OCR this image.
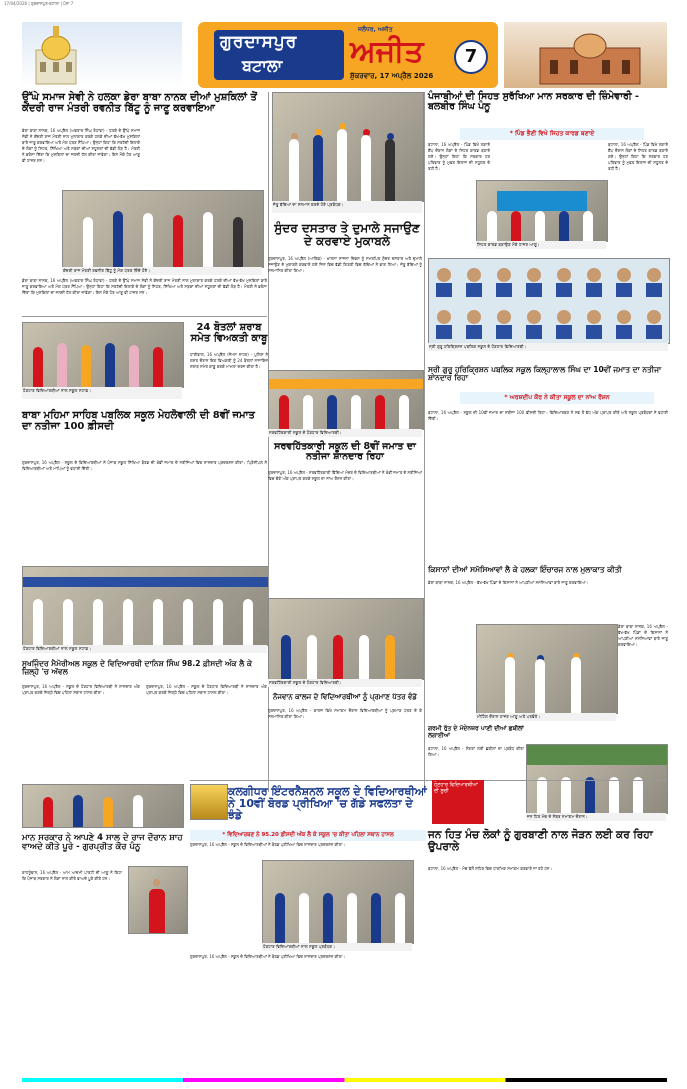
17/04/2026 | ਗੁਰਦਾਸਪੁਰ-ਬਟਾਲਾ | ਪੰਨਾ 7
ਗੁਰਦਾਸਪੁਰ
ਬਟਾਲਾ
ਜਲੰਧਰ, ਅਜੀਤ
ਅਜੀਤ
ਸ਼ੁੱਕਰਵਾਰ, 17 ਅਪ੍ਰੈਲ 2026
7
ਉੱਘੇ ਸਮਾਜ ਸੇਵੀ ਨੇ ਹਲਕਾ ਡੇਰਾ ਬਾਬਾ ਨਾਨਕ ਦੀਆਂ ਮੁਸ਼ਕਿਲਾਂ ਤੋਂ ਕੇਂਦਰੀ ਰਾਜ ਮੰਤਰੀ ਰਵਨੀਤ ਬਿੱਟੂ ਨੂੰ ਜਾਣੂ ਕਰਵਾਇਆ
ਡੇਰਾ ਬਾਬਾ ਨਾਨਕ, 16 ਅਪ੍ਰੈਲ (ਅਵਤਾਰ ਸਿੰਘ ਰੰਧਾਵਾ) - ਹਲਕੇ ਦੇ ਉੱਘੇ ਸਮਾਜ ਸੇਵੀ ਨੇ ਕੇਂਦਰੀ ਰਾਜ ਮੰਤਰੀ ਨਾਲ ਮੁਲਾਕਾਤ ਕਰਕੇ ਹਲਕੇ ਦੀਆਂ ਵੱਖ-ਵੱਖ ਮੁਸ਼ਕਿਲਾਂ ਬਾਰੇ ਜਾਣੂ ਕਰਵਾਇਆ ਅਤੇ ਮੰਗ ਪੱਤਰ ਸੌਂਪਿਆ। ਉਨ੍ਹਾਂ ਕਿਹਾ ਕਿ ਸਰਹੱਦੀ ਇਲਾਕੇ ਦੇ ਲੋਕਾਂ ਨੂੰ ਸਿਹਤ, ਸਿੱਖਿਆ ਅਤੇ ਸੜਕਾਂ ਦੀਆਂ ਸਹੂਲਤਾਂ ਦੀ ਵੱਡੀ ਲੋੜ ਹੈ। ਮੰਤਰੀ ਨੇ ਭਰੋਸਾ ਦਿੱਤਾ ਕਿ ਮੁਸ਼ਕਿਲਾਂ ਦਾ ਜਲਦੀ ਹੱਲ ਕੀਤਾ ਜਾਵੇਗਾ। ਇਸ ਮੌਕੇ ਹੋਰ ਆਗੂ ਵੀ ਹਾਜ਼ਰ ਸਨ।
ਕੇਂਦਰੀ ਰਾਜ ਮੰਤਰੀ ਰਵਨੀਤ ਬਿੱਟੂ ਨੂੰ ਮੰਗ ਪੱਤਰ ਦਿੰਦੇ ਹੋਏ।
ਡੇਰਾ ਬਾਬਾ ਨਾਨਕ, 16 ਅਪ੍ਰੈਲ (ਅਵਤਾਰ ਸਿੰਘ ਰੰਧਾਵਾ) - ਹਲਕੇ ਦੇ ਉੱਘੇ ਸਮਾਜ ਸੇਵੀ ਨੇ ਕੇਂਦਰੀ ਰਾਜ ਮੰਤਰੀ ਨਾਲ ਮੁਲਾਕਾਤ ਕਰਕੇ ਹਲਕੇ ਦੀਆਂ ਵੱਖ-ਵੱਖ ਮੁਸ਼ਕਿਲਾਂ ਬਾਰੇ ਜਾਣੂ ਕਰਵਾਇਆ ਅਤੇ ਮੰਗ ਪੱਤਰ ਸੌਂਪਿਆ। ਉਨ੍ਹਾਂ ਕਿਹਾ ਕਿ ਸਰਹੱਦੀ ਇਲਾਕੇ ਦੇ ਲੋਕਾਂ ਨੂੰ ਸਿਹਤ, ਸਿੱਖਿਆ ਅਤੇ ਸੜਕਾਂ ਦੀਆਂ ਸਹੂਲਤਾਂ ਦੀ ਵੱਡੀ ਲੋੜ ਹੈ। ਮੰਤਰੀ ਨੇ ਭਰੋਸਾ ਦਿੱਤਾ ਕਿ ਮੁਸ਼ਕਿਲਾਂ ਦਾ ਜਲਦੀ ਹੱਲ ਕੀਤਾ ਜਾਵੇਗਾ। ਇਸ ਮੌਕੇ ਹੋਰ ਆਗੂ ਵੀ ਹਾਜ਼ਰ ਸਨ।
ਹੋਣਹਾਰ ਵਿਦਿਆਰਥੀਆਂ ਨਾਲ ਸਕੂਲ ਸਟਾਫ਼।
24 ਬੋਤਲਾਂ ਸ਼ਰਾਬ ਸਮੇਤ ਵਿਅਕਤੀ ਕਾਬੂ
ਧਾਰੀਵਾਲ, 16 ਅਪ੍ਰੈਲ (ਜੇਮਸ ਨਾਹਰ) - ਪੁਲਿਸ ਨੇ ਗਸ਼ਤ ਦੌਰਾਨ ਇਕ ਵਿਅਕਤੀ ਨੂੰ 24 ਬੋਤਲਾਂ ਨਾਜਾਇਜ਼ ਸ਼ਰਾਬ ਸਮੇਤ ਕਾਬੂ ਕਰਕੇ ਮਾਮਲਾ ਦਰਜ ਕੀਤਾ ਹੈ।
ਬਾਬਾ ਮਹਿਮਾ ਸਾਹਿਬ ਪਬਲਿਕ ਸਕੂਲ ਮੇਹਲੋਵਾਲੀ ਦੀ 8ਵੀਂ ਜਮਾਤ ਦਾ ਨਤੀਜਾ 100 ਫ਼ੀਸਦੀ
ਗੁਰਦਾਸਪੁਰ, 16 ਅਪ੍ਰੈਲ - ਸਕੂਲ ਦੇ ਵਿਦਿਆਰਥੀਆਂ ਨੇ ਪੰਜਾਬ ਸਕੂਲ ਸਿੱਖਿਆ ਬੋਰਡ ਦੀ 8ਵੀਂ ਜਮਾਤ ਦੇ ਨਤੀਜਿਆਂ ਵਿਚ ਸ਼ਾਨਦਾਰ ਪ੍ਰਦਰਸ਼ਨ ਕੀਤਾ। ਪ੍ਰਿੰਸੀਪਲ ਨੇ ਵਿਦਿਆਰਥੀਆਂ ਅਤੇ ਮਾਪਿਆਂ ਨੂੰ ਵਧਾਈ ਦਿੱਤੀ।
ਹੋਣਹਾਰ ਵਿਦਿਆਰਥੀਆਂ ਨਾਲ ਸਕੂਲ ਸਟਾਫ਼।
ਸੁਖਜਿੰਦਰ ਮੈਮੋਰੀਅਲ ਸਕੂਲ ਦੇ ਵਿਦਿਆਰਥੀ ਦਾਨਿਸ਼ ਸਿੰਘ 98.2 ਫ਼ੀਸਦੀ ਅੰਕ ਲੈ ਕੇ ਜ਼ਿਲ੍ਹੇ 'ਚ ਅੱਵਲ
ਗੁਰਦਾਸਪੁਰ, 16 ਅਪ੍ਰੈਲ - ਸਕੂਲ ਦੇ ਹੋਣਹਾਰ ਵਿਦਿਆਰਥੀ ਨੇ ਸ਼ਾਨਦਾਰ ਅੰਕ ਪ੍ਰਾਪਤ ਕਰਕੇ ਜ਼ਿਲ੍ਹੇ ਵਿਚ ਪਹਿਲਾ ਸਥਾਨ ਹਾਸਲ ਕੀਤਾ।
ਗੁਰਦਾਸਪੁਰ, 16 ਅਪ੍ਰੈਲ - ਸਕੂਲ ਦੇ ਹੋਣਹਾਰ ਵਿਦਿਆਰਥੀ ਨੇ ਸ਼ਾਨਦਾਰ ਅੰਕ ਪ੍ਰਾਪਤ ਕਰਕੇ ਜ਼ਿਲ੍ਹੇ ਵਿਚ ਪਹਿਲਾ ਸਥਾਨ ਹਾਸਲ ਕੀਤਾ।
ਮਾਨ ਸਰਕਾਰ ਨੇ ਆਪਣੇ 4 ਸਾਲ ਦੇ ਰਾਜ ਦੌਰਾਨ ਸ਼ਾਹ ਵਾਅਦੇ ਕੀਤੇ ਪੂਰੇ - ਗੁਰਪ੍ਰੀਤ ਕੌਰ ਪੰਨੂ
ਕਾਹਨੂੰਵਾਨ, 16 ਅਪ੍ਰੈਲ - ਆਮ ਆਦਮੀ ਪਾਰਟੀ ਦੀ ਆਗੂ ਨੇ ਕਿਹਾ ਕਿ ਪੰਜਾਬ ਸਰਕਾਰ ਨੇ ਲੋਕਾਂ ਨਾਲ ਕੀਤੇ ਵਾਅਦੇ ਪੂਰੇ ਕੀਤੇ ਹਨ।
ਜੇਤੂ ਬੱਚਿਆਂ ਦਾ ਸਨਮਾਨ ਕਰਦੇ ਹੋਏ ਪ੍ਰਬੰਧਕ।
ਸੁੰਦਰ ਦਸਤਾਰ ਤੇ ਦੁਮਾਲੇ ਸਜਾਉਣ ਦੇ ਕਰਵਾਏ ਮੁਕਾਬਲੇ
ਗੁਰਦਾਸਪੁਰ, 16 ਅਪ੍ਰੈਲ (ਆਰਿਫ਼) - ਖ਼ਾਲਸਾ ਸਾਜਨਾ ਦਿਵਸ ਨੂੰ ਸਮਰਪਿਤ ਸੁੰਦਰ ਦਸਤਾਰ ਅਤੇ ਦੁਮਾਲੇ ਸਜਾਉਣ ਦੇ ਮੁਕਾਬਲੇ ਕਰਵਾਏ ਗਏ ਜਿਸ ਵਿਚ ਵੱਡੀ ਗਿਣਤੀ ਵਿਚ ਬੱਚਿਆਂ ਨੇ ਭਾਗ ਲਿਆ। ਜੇਤੂ ਬੱਚਿਆਂ ਨੂੰ ਸਨਮਾਨਿਤ ਕੀਤਾ ਗਿਆ।
ਸਰਵਹਿੱਤਕਾਰੀ ਸਕੂਲ ਦੇ ਹੋਣਹਾਰ ਵਿਦਿਆਰਥੀ।
ਸਰਵਹਿੱਤਕਾਰੀ ਸਕੂਲ ਦੀ 8ਵੀਂ ਜਮਾਤ ਦਾ ਨਤੀਜਾ ਸ਼ਾਨਦਾਰ ਰਿਹਾ
ਗੁਰਦਾਸਪੁਰ, 16 ਅਪ੍ਰੈਲ - ਸਰਵਹਿੱਤਕਾਰੀ ਵਿੱਦਿਆ ਮੰਦਰ ਦੇ ਵਿਦਿਆਰਥੀਆਂ ਨੇ 8ਵੀਂ ਜਮਾਤ ਦੇ ਨਤੀਜਿਆਂ ਵਿਚ ਚੰਗੇ ਅੰਕ ਪ੍ਰਾਪਤ ਕਰਕੇ ਸਕੂਲ ਦਾ ਨਾਂਅ ਰੌਸ਼ਨ ਕੀਤਾ।
ਸਰਵਹਿੱਤਕਾਰੀ ਸਕੂਲ ਦੇ ਹੋਣਹਾਰ ਵਿਦਿਆਰਥੀ।
ਨੌਜਵਾਨ ਕਾਲਜ ਦੇ ਵਿਦਿਆਰਥੀਆਂ ਨੂੰ ਪ੍ਰਮਾਣ ਪੱਤਰ ਵੰਡੇ
ਗੁਰਦਾਸਪੁਰ, 16 ਅਪ੍ਰੈਲ - ਕਾਲਜ ਵਿਖੇ ਸਮਾਗਮ ਦੌਰਾਨ ਵਿਦਿਆਰਥੀਆਂ ਨੂੰ ਪ੍ਰਮਾਣ ਪੱਤਰ ਦੇ ਕੇ ਸਨਮਾਨਿਤ ਕੀਤਾ ਗਿਆ।
ਪੰਜਾਬੀਆਂ ਦੀ ਸਿਹਤ ਸੁਰੱਖਿਆ ਮਾਨ ਸਰਕਾਰ ਦੀ ਜ਼ਿੰਮੇਵਾਰੀ - ਬਲਬੀਰ ਸਿੰਘ ਪੰਨੂ
* ਪਿੰਡ ਭੈਣੀ ਵਿਖੇ ਸਿਹਤ ਕਾਰਡ ਬਣਾਏ
ਬਟਾਲਾ, 16 ਅਪ੍ਰੈਲ - ਪਿੰਡ ਵਿਖੇ ਲਗਾਏ ਕੈਂਪ ਦੌਰਾਨ ਲੋਕਾਂ ਦੇ ਸਿਹਤ ਕਾਰਡ ਬਣਾਏ ਗਏ। ਉਨ੍ਹਾਂ ਕਿਹਾ ਕਿ ਸਰਕਾਰ ਹਰ ਪਰਿਵਾਰ ਨੂੰ ਮੁਫ਼ਤ ਇਲਾਜ ਦੀ ਸਹੂਲਤ ਦੇ ਰਹੀ ਹੈ।
ਸਿਹਤ ਕਾਰਡ ਬਣਾਉਣ ਮੌਕੇ ਹਾਜ਼ਰ ਆਗੂ।
ਬਟਾਲਾ, 16 ਅਪ੍ਰੈਲ - ਪਿੰਡ ਵਿਖੇ ਲਗਾਏ ਕੈਂਪ ਦੌਰਾਨ ਲੋਕਾਂ ਦੇ ਸਿਹਤ ਕਾਰਡ ਬਣਾਏ ਗਏ। ਉਨ੍ਹਾਂ ਕਿਹਾ ਕਿ ਸਰਕਾਰ ਹਰ ਪਰਿਵਾਰ ਨੂੰ ਮੁਫ਼ਤ ਇਲਾਜ ਦੀ ਸਹੂਲਤ ਦੇ ਰਹੀ ਹੈ।
ਸ੍ਰੀ ਗੁਰੂ ਹਰਿਕ੍ਰਿਸ਼ਨ ਪਬਲਿਕ ਸਕੂਲ ਦੇ ਹੋਣਹਾਰ ਵਿਦਿਆਰਥੀ।
ਸ੍ਰੀ ਗੁਰੂ ਹਰਿਕ੍ਰਿਸ਼ਨ ਪਬਲਿਕ ਸਕੂਲ ਕਿਲ੍ਹਾਲਾਲ ਸਿੰਘ ਦਾ 10ਵੀਂ ਜਮਾਤ ਦਾ ਨਤੀਜਾ ਸ਼ਾਨਦਾਰ ਰਿਹਾ
* ਅਰਸ਼ਦੀਪ ਕੌਰ ਨੇ ਕੀਤਾ ਸਕੂਲ ਦਾ ਨਾਂਅ ਰੌਸ਼ਨ
ਬਟਾਲਾ, 16 ਅਪ੍ਰੈਲ - ਸਕੂਲ ਦੀ 10ਵੀਂ ਜਮਾਤ ਦਾ ਨਤੀਜਾ 100 ਫ਼ੀਸਦੀ ਰਿਹਾ। ਵਿਦਿਆਰਥਣ ਨੇ ਸਭ ਤੋਂ ਵੱਧ ਅੰਕ ਪ੍ਰਾਪਤ ਕੀਤੇ ਅਤੇ ਸਕੂਲ ਪ੍ਰਬੰਧਕਾਂ ਨੇ ਵਧਾਈ ਦਿੱਤੀ।
ਕਿਸਾਨਾਂ ਦੀਆਂ ਸਮੱਸਿਆਵਾਂ ਲੈ ਕੇ ਹਲਕਾ ਇੰਚਾਰਜ ਨਾਲ ਮੁਲਾਕਾਤ ਕੀਤੀ
ਡੇਰਾ ਬਾਬਾ ਨਾਨਕ, 16 ਅਪ੍ਰੈਲ - ਵੱਖ-ਵੱਖ ਪਿੰਡਾਂ ਦੇ ਕਿਸਾਨਾਂ ਨੇ ਆਪਣੀਆਂ ਸਮੱਸਿਆਵਾਂ ਬਾਰੇ ਜਾਣੂ ਕਰਵਾਇਆ।
ਮੀਟਿੰਗ ਦੌਰਾਨ ਹਾਜ਼ਰ ਆਗੂ ਅਤੇ ਪਤਵੰਤੇ।
ਡੇਰਾ ਬਾਬਾ ਨਾਨਕ, 16 ਅਪ੍ਰੈਲ - ਵੱਖ-ਵੱਖ ਪਿੰਡਾਂ ਦੇ ਕਿਸਾਨਾਂ ਨੇ ਆਪਣੀਆਂ ਸਮੱਸਿਆਵਾਂ ਬਾਰੇ ਜਾਣੂ ਕਰਵਾਇਆ।
ਗਰਮੀ ਰੁੱਤ ਦੇ ਮੱਦੇਨਜ਼ਰ ਪਾਣੀ ਦੀਆਂ ਛਬੀਲਾਂ ਲਗਾਈਆਂ
ਬਟਾਲਾ, 16 ਅਪ੍ਰੈਲ - ਸੰਗਤਾਂ ਲਈ ਛਬੀਲਾਂ ਦਾ ਪ੍ਰਬੰਧ ਕੀਤਾ ਗਿਆ।
ਜਨ ਹਿਤ ਮੰਚ ਦੇ ਮੈਂਬਰ ਸਮਾਗਮ ਦੌਰਾਨ।
ਕਲਗੀਧਰ ਇੰਟਰਨੈਸ਼ਨਲ ਸਕੂਲ ਦੇ ਵਿਦਿਆਰਥੀਆਂ ਨੇ 10ਵੀਂ ਬੋਰਡ ਪ੍ਰੀਖਿਆ 'ਚ ਗੱਡੇ ਸਫਲਤਾ ਦੇ ਝੰਡੇ
ਹੋਣਹਾਰ ਵਿਦਿਆਰਥੀਆਂ ਦੀ ਸੂਚੀ
* ਵਿਦਿਆਰਥਣ ਨੇ 95.20 ਫ਼ੀਸਦੀ ਅੰਕ ਲੈ ਕੇ ਸਕੂਲ 'ਚ ਕੀਤਾ ਪਹਿਲਾ ਸਥਾਨ ਹਾਸਲ
ਗੁਰਦਾਸਪੁਰ, 16 ਅਪ੍ਰੈਲ - ਸਕੂਲ ਦੇ ਵਿਦਿਆਰਥੀਆਂ ਨੇ ਬੋਰਡ ਪ੍ਰੀਖਿਆ ਵਿਚ ਸ਼ਾਨਦਾਰ ਪ੍ਰਦਰਸ਼ਨ ਕੀਤਾ।
ਹੋਣਹਾਰ ਵਿਦਿਆਰਥੀਆਂ ਨਾਲ ਸਕੂਲ ਪ੍ਰਬੰਧਕ।
ਗੁਰਦਾਸਪੁਰ, 16 ਅਪ੍ਰੈਲ - ਸਕੂਲ ਦੇ ਵਿਦਿਆਰਥੀਆਂ ਨੇ ਬੋਰਡ ਪ੍ਰੀਖਿਆ ਵਿਚ ਸ਼ਾਨਦਾਰ ਪ੍ਰਦਰਸ਼ਨ ਕੀਤਾ।
ਜਨ ਹਿਤ ਮੰਚ ਲੋਕਾਂ ਨੂੰ ਗੁਰਬਾਣੀ ਨਾਲ ਜੋੜਨ ਲਈ ਕਰ ਰਿਹਾ ਉਪਰਾਲੇ
ਬਟਾਲਾ, 16 ਅਪ੍ਰੈਲ - ਮੰਚ ਵੱਲੋਂ ਸ਼ਹਿਰ ਵਿਚ ਧਾਰਮਿਕ ਸਮਾਗਮ ਕਰਵਾਏ ਜਾ ਰਹੇ ਹਨ।
